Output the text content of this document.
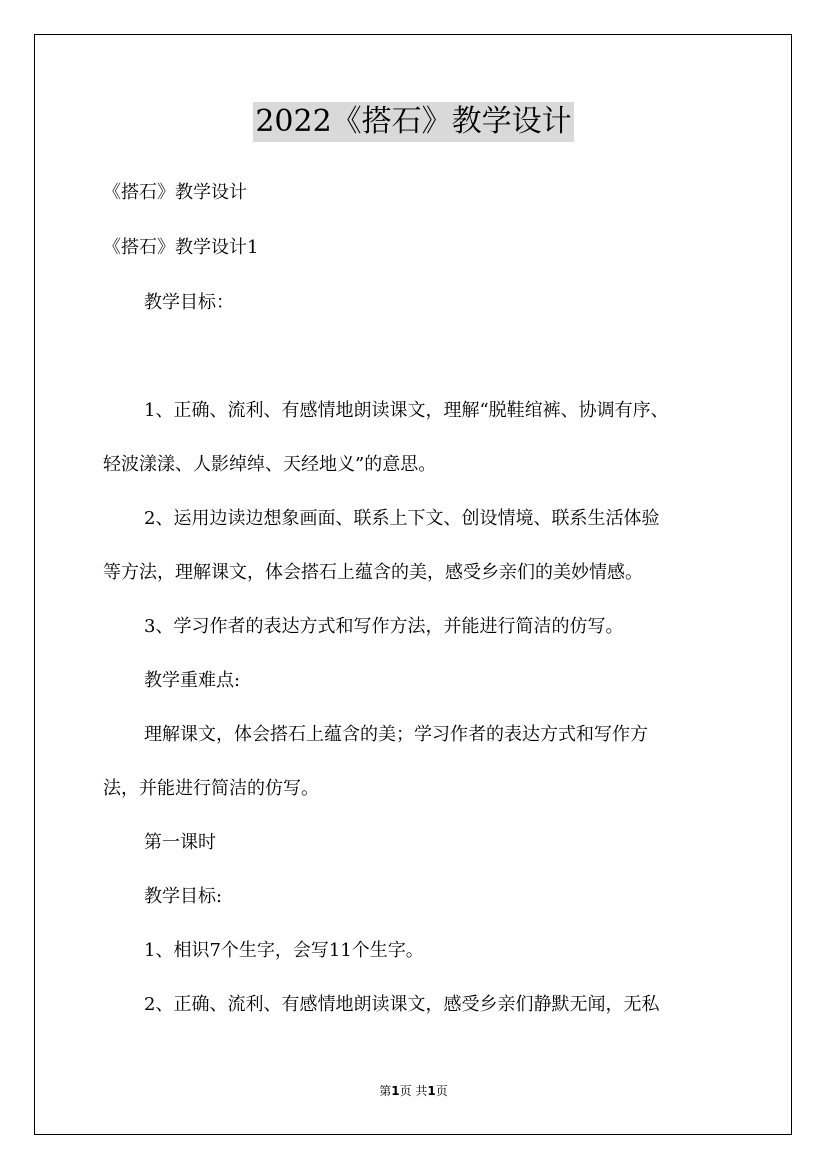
2022《搭石》教学设计
《搭石》教学设计
《搭石》教学设计1
教学目标：
1、正确、流利、有感情地朗读课文，理解“脱鞋绾裤、协调有序、
轻波漾漾、人影绰绰、天经地义”的意思。
2、运用边读边想象画面、联系上下文、创设情境、联系生活体验
等方法，理解课文，体会搭石上蕴含的美，感受乡亲们的美妙情感。
3、学习作者的表达方式和写作方法，并能进行简洁的仿写。
教学重难点:
理解课文，体会搭石上蕴含的美；学习作者的表达方式和写作方
法，并能进行简洁的仿写。
第一课时
教学目标:
1、相识7个生字，会写11个生字。
2、正确、流利、有感情地朗读课文，感受乡亲们静默无闻，无私
第1页 共1页
